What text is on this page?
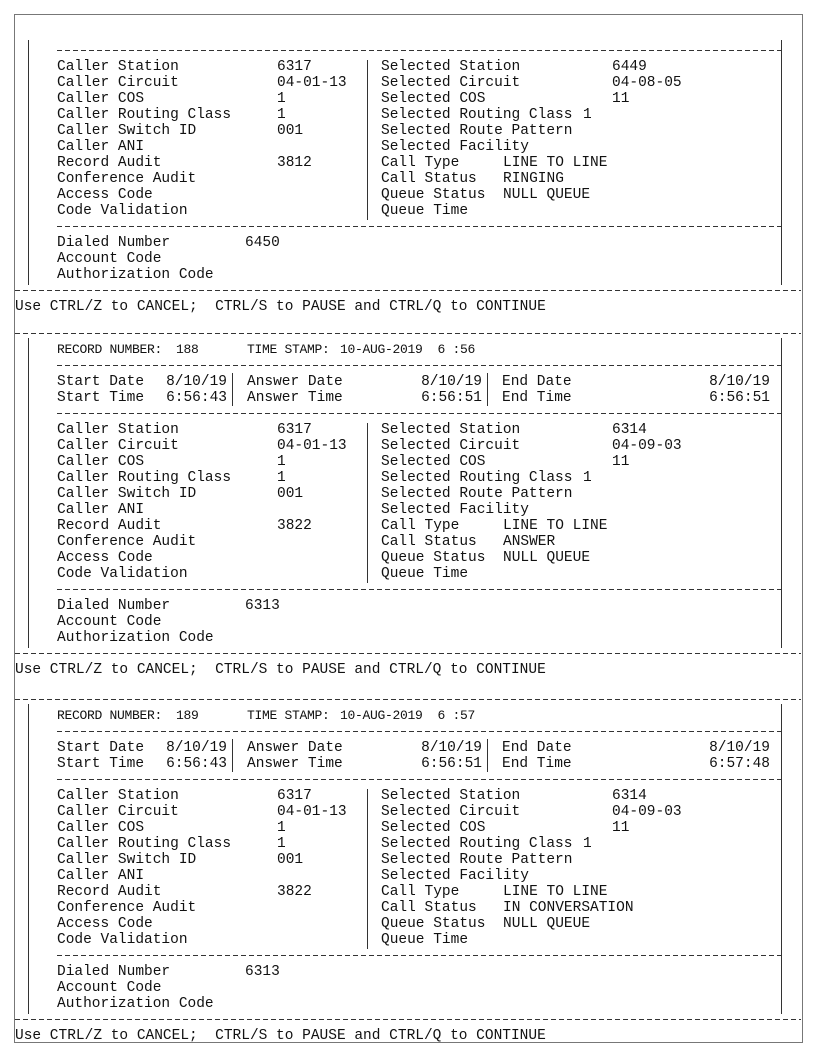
Caller Station	6317
Caller Circuit	04-01-13
Caller COS	1
Caller Routing Class	1
Caller Switch ID	001
Caller ANI
Record Audit	3812
Conference Audit
Access Code
Code Validation
Selected Station	6449
Selected Circuit	04-08-05
Selected COS	11
Selected Routing Class 1
Selected Route Pattern
Selected Facility
Call Type	LINE TO LINE
Call Status RINGING
Queue Status NULL QUEUE
Queue Time
Dialed Number	6450
Account Code
Authorization Code
Use CTRL/Z to CANCEL;  CTRL/S to PAUSE and CTRL/Q to CONTINUE
RECORD NUMBER: 188	TIME STAMP: 10-AUG-2019  6 :56
Start Date 8/10/19 Answer Date	8/10/19 End Date	8/10/19
Start Time 6:56:43 Answer Time	6:56:51 End Time	6:56:51
Caller Station	6317
Caller Circuit	04-01-13
Caller COS	1
Caller Routing Class	1
Caller Switch ID	001
Caller ANI
Record Audit	3822
Conference Audit
Access Code
Code Validation
Selected Station	6314
Selected Circuit	04-09-03
Selected COS	11
Selected Routing Class 1
Selected Route Pattern
Selected Facility
Call Type	LINE TO LINE
Call Status ANSWER
Queue Status NULL QUEUE
Queue Time
Dialed Number	6313
Account Code
Authorization Code
Use CTRL/Z to CANCEL;  CTRL/S to PAUSE and CTRL/Q to CONTINUE
RECORD NUMBER: 189	TIME STAMP: 10-AUG-2019  6 :57
Start Date 8/10/19 Answer Date	8/10/19 End Date	8/10/19
Start Time 6:56:43 Answer Time	6:56:51 End Time	6:57:48
Caller Station	6317
Caller Circuit	04-01-13
Caller COS	1
Caller Routing Class	1
Caller Switch ID	001
Caller ANI
Record Audit	3822
Conference Audit
Access Code
Code Validation
Selected Station	6314
Selected Circuit	04-09-03
Selected COS	11
Selected Routing Class 1
Selected Route Pattern
Selected Facility
Call Type	LINE TO LINE
Call Status IN CONVERSATION
Queue Status NULL QUEUE
Queue Time
Dialed Number	6313
Account Code
Authorization Code
Use CTRL/Z to CANCEL;  CTRL/S to PAUSE and CTRL/Q to CONTINUE
